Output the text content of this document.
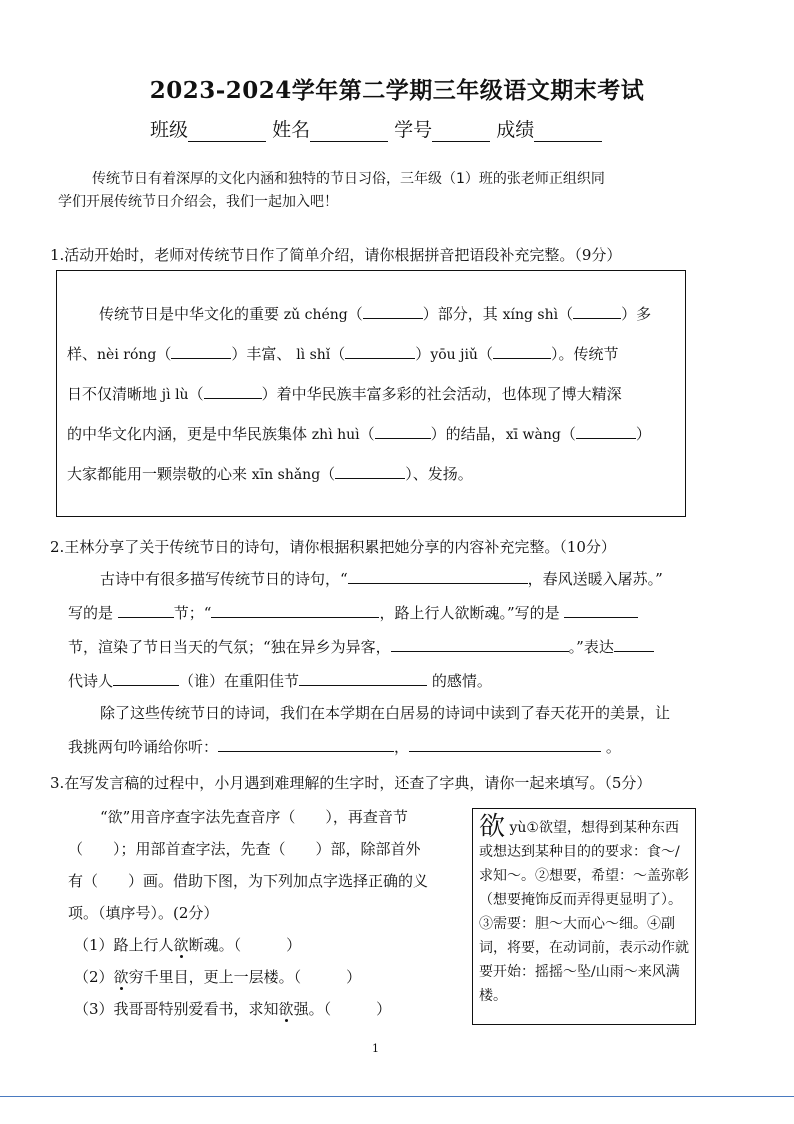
2023-2024学年第二学期三年级语文期末考试
班级	姓名	学号	成绩
传统节日有着深厚的文化内涵和独特的节日习俗，三年级（1）班的张老师正组织同
学们开展传统节日介绍会，我们一起加入吧！
1.活动开始时，老师对传统节日作了简单介绍，请你根据拼音把语段补充完整。（9分）
传统节日是中华文化的重要 zǔ chéng（	）部分，其 xíng shì（	）多
样、nèi róng（	）丰富、 lì shǐ（	）yōu jiǔ（	）。传统节
日不仅清晰地 jì lù（	）着中华民族丰富多彩的社会活动，也体现了博大精深
的中华文化内涵，更是中华民族集体 zhì huì（	）的结晶，xī wàng（	）
大家都能用一颗崇敬的心来 xīn shǎng（	）、发扬。
2.王林分享了关于传统节日的诗句，请你根据积累把她分享的内容补充完整。（10分）
古诗中有很多描写传统节日的诗句，“	，春风送暖入屠苏。”
写的是	节；“	，路上行人欲断魂。”写的是
节，渲染了节日当天的气氛；“独在异乡为异客，	。”表达
代诗人	（谁）在重阳佳节	的感情。
除了这些传统节日的诗词，我们在本学期在白居易的诗词中读到了春天花开的美景，让
我挑两句吟诵给你听：	，	。
3.在写发言稿的过程中，小月遇到难理解的生字时，还查了字典，请你一起来填写。（5分）
“欲”用音序查字法先查音序（　　），再查音节
（　　）；用部首查字法，先查（　　）部，除部首外
有（　　）画。借助下图，为下列加点字选择正确的义
项。（填序号）。(2分）
（1）路上行人欲断魂。（　　　）
（2）欲穷千里目，更上一层楼。（　　　）
（3）我哥哥特别爱看书，求知欲强。（　　　）
欲 yù①欲望，想得到某种东西或想达到某种目的的要求：食～/求知～。②想要，希望：～盖弥彰（想要掩饰反而弄得更显明了）。③需要：胆～大而心～细。④副词，将要，在动词前，表示动作就要开始：摇摇～坠/山雨～来风满楼。
1
